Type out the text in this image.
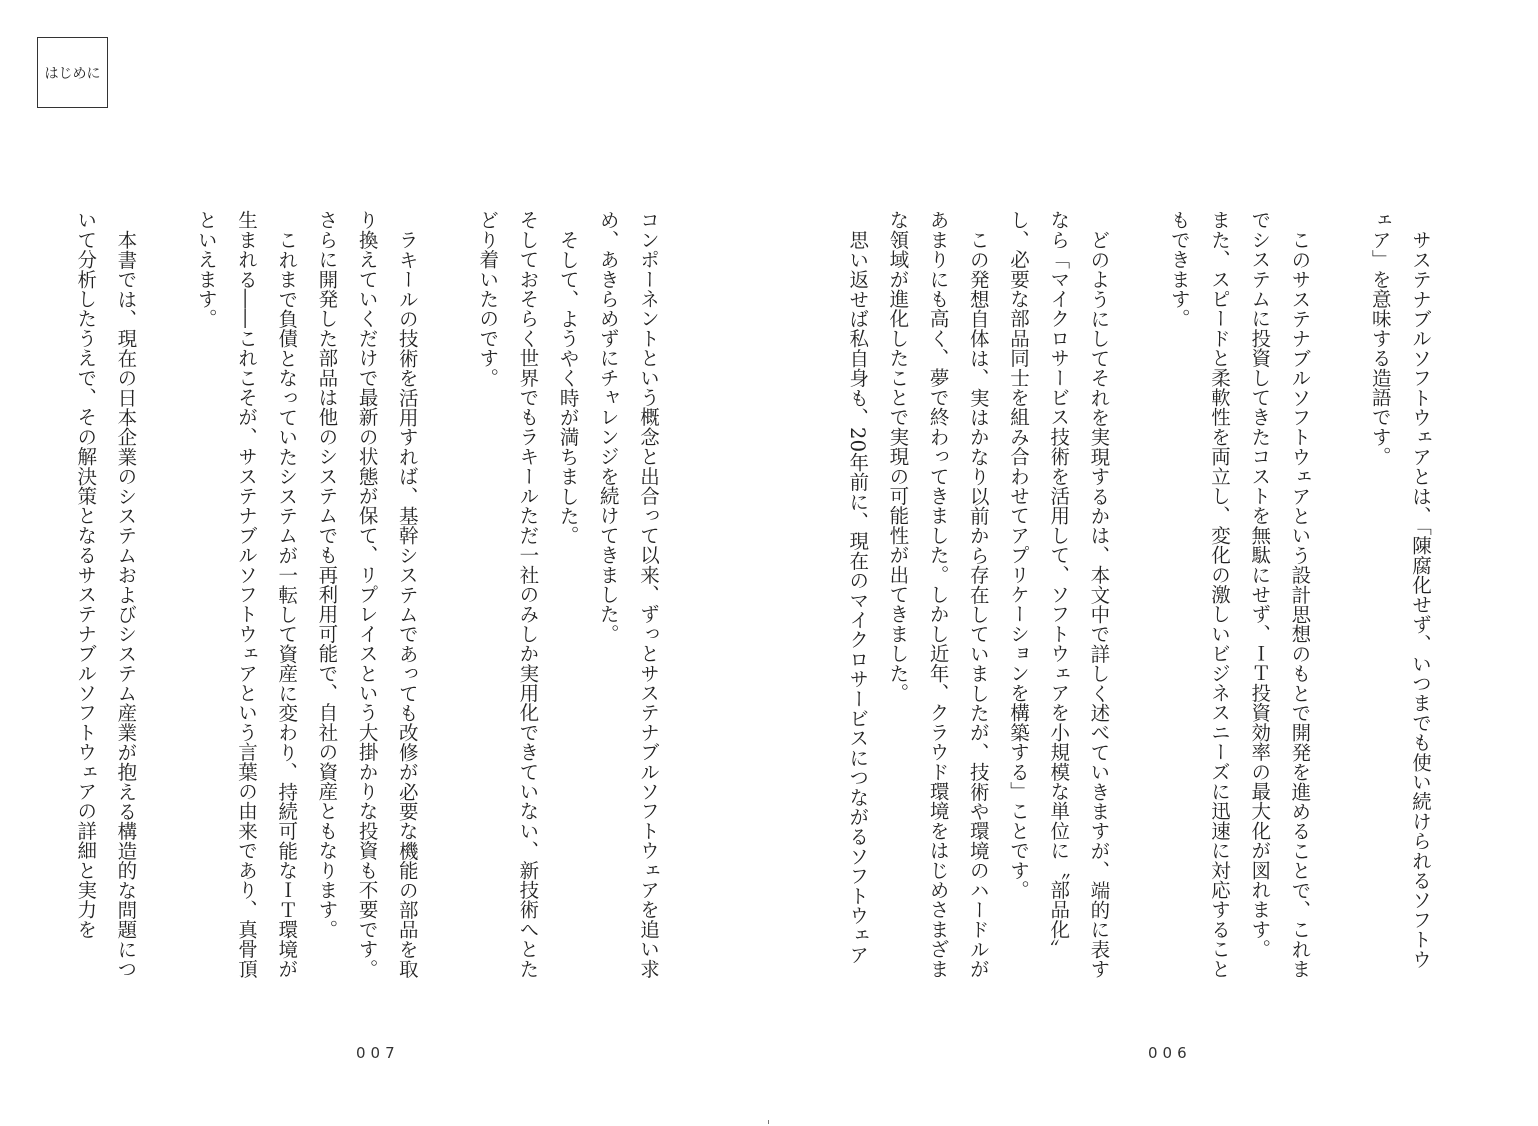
はじめに

サステナブルソフトウェアとは、「陳腐化せず、いつまでも使い続けられるソフトウェア」を意味する造語です。

このサステナブルソフトウェアという設計思想のもとで開発を進めることで、これまでシステムに投資してきたコストを無駄にせず、ＩＴ投資効率の最大化が図れます。

また、スピードと柔軟性を両立し、変化の激しいビジネスニーズに迅速に対応することもできます。

どのようにしてそれを実現するかは、本文中で詳しく述べていきますが、端的に表すなら「マイクロサービス技術を活用して、ソフトウェアを小規模な単位に〝部品化〟し、必要な部品同士を組み合わせてアプリケーションを構築する」ことです。

この発想自体は、実はかなり以前から存在していましたが、技術や環境のハードルがあまりにも高く、夢で終わってきました。しかし近年、クラウド環境をはじめさまざまな領域が進化したことで実現の可能性が出てきました。

思い返せば私自身も、20年前に、現在のマイクロサービスにつながるソフトウェア

コンポーネントという概念と出合って以来、ずっとサステナブルソフトウェアを追い求め、あきらめずにチャレンジを続けてきました。

そして、ようやく時が満ちました。

そしておそらく世界でもラキールただ一社のみしか実用化できていない、新技術へとたどり着いたのです。

ラキールの技術を活用すれば、基幹システムであっても改修が必要な機能の部品を取り換えていくだけで最新の状態が保て、リプレイスという大掛かりな投資も不要です。さらに開発した部品は他のシステムでも再利用可能で、自社の資産ともなります。

これまで負債となっていたシステムが一転して資産に変わり、持続可能なＩＴ環境が生まれる――これこそが、サステナブルソフトウェアという言葉の由来であり、真骨頂といえます。

本書では、現在の日本企業のシステムおよびシステム産業が抱える構造的な問題について分析したうえで、その解決策となるサステナブルソフトウェアの詳細と実力を

006
007
